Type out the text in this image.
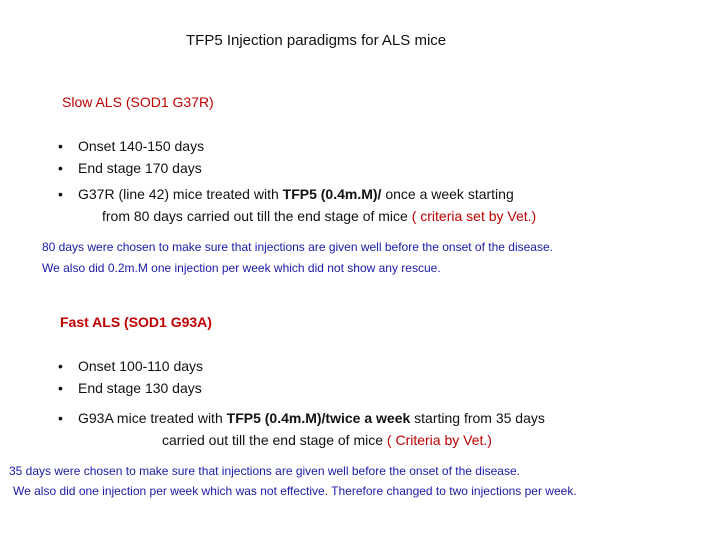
TFP5 Injection paradigms for ALS mice
Slow ALS (SOD1 G37R)
• Onset 140-150 days
• End stage 170 days
• G37R (line 42) mice treated with TFP5 (0.4m.M)/ once a week starting
from 80 days carried out till the end stage of mice ( criteria set by Vet.)
80 days were chosen to make sure that injections are given well before the onset of the disease.
We also did 0.2m.M one injection per week which did not show any rescue.
Fast ALS (SOD1 G93A)
• Onset 100-110 days
• End stage 130 days
• G93A mice treated with TFP5 (0.4m.M)/twice a week starting from 35 days
carried out till the end stage of mice ( Criteria by Vet.)
35 days were chosen to make sure that injections are given well before the onset of the disease.
We also did one injection per week which was not effective. Therefore changed to two injections per week.
